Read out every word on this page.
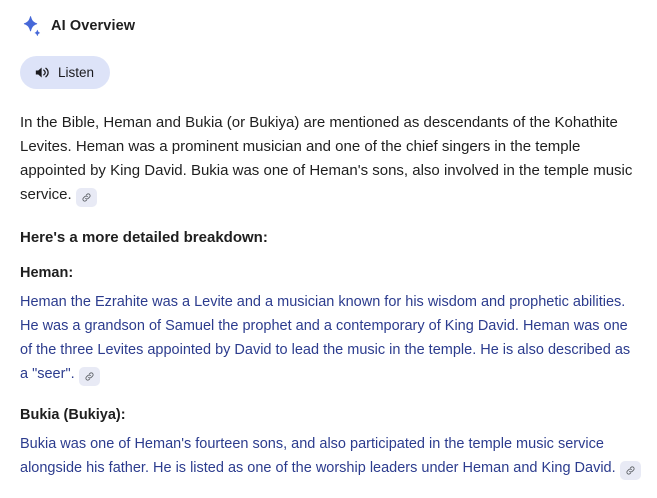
AI Overview
Listen

In the Bible, Heman and Bukia (or Bukiya) are mentioned as descendants of the Kohathite Levites. Heman was a prominent musician and one of the chief singers in the temple appointed by King David. Bukia was one of Heman's sons, also involved in the temple music service.

Here's a more detailed breakdown:
Heman:

Heman the Ezrahite was a Levite and a musician known for his wisdom and prophetic abilities. He was a grandson of Samuel the prophet and a contemporary of King David. Heman was one of the three Levites appointed by David to lead the music in the temple. He is also described as a "seer".

Bukia (Bukiya):

Bukia was one of Heman's fourteen sons, and also participated in the temple music service alongside his father. He is listed as one of the worship leaders under Heman and King David.
